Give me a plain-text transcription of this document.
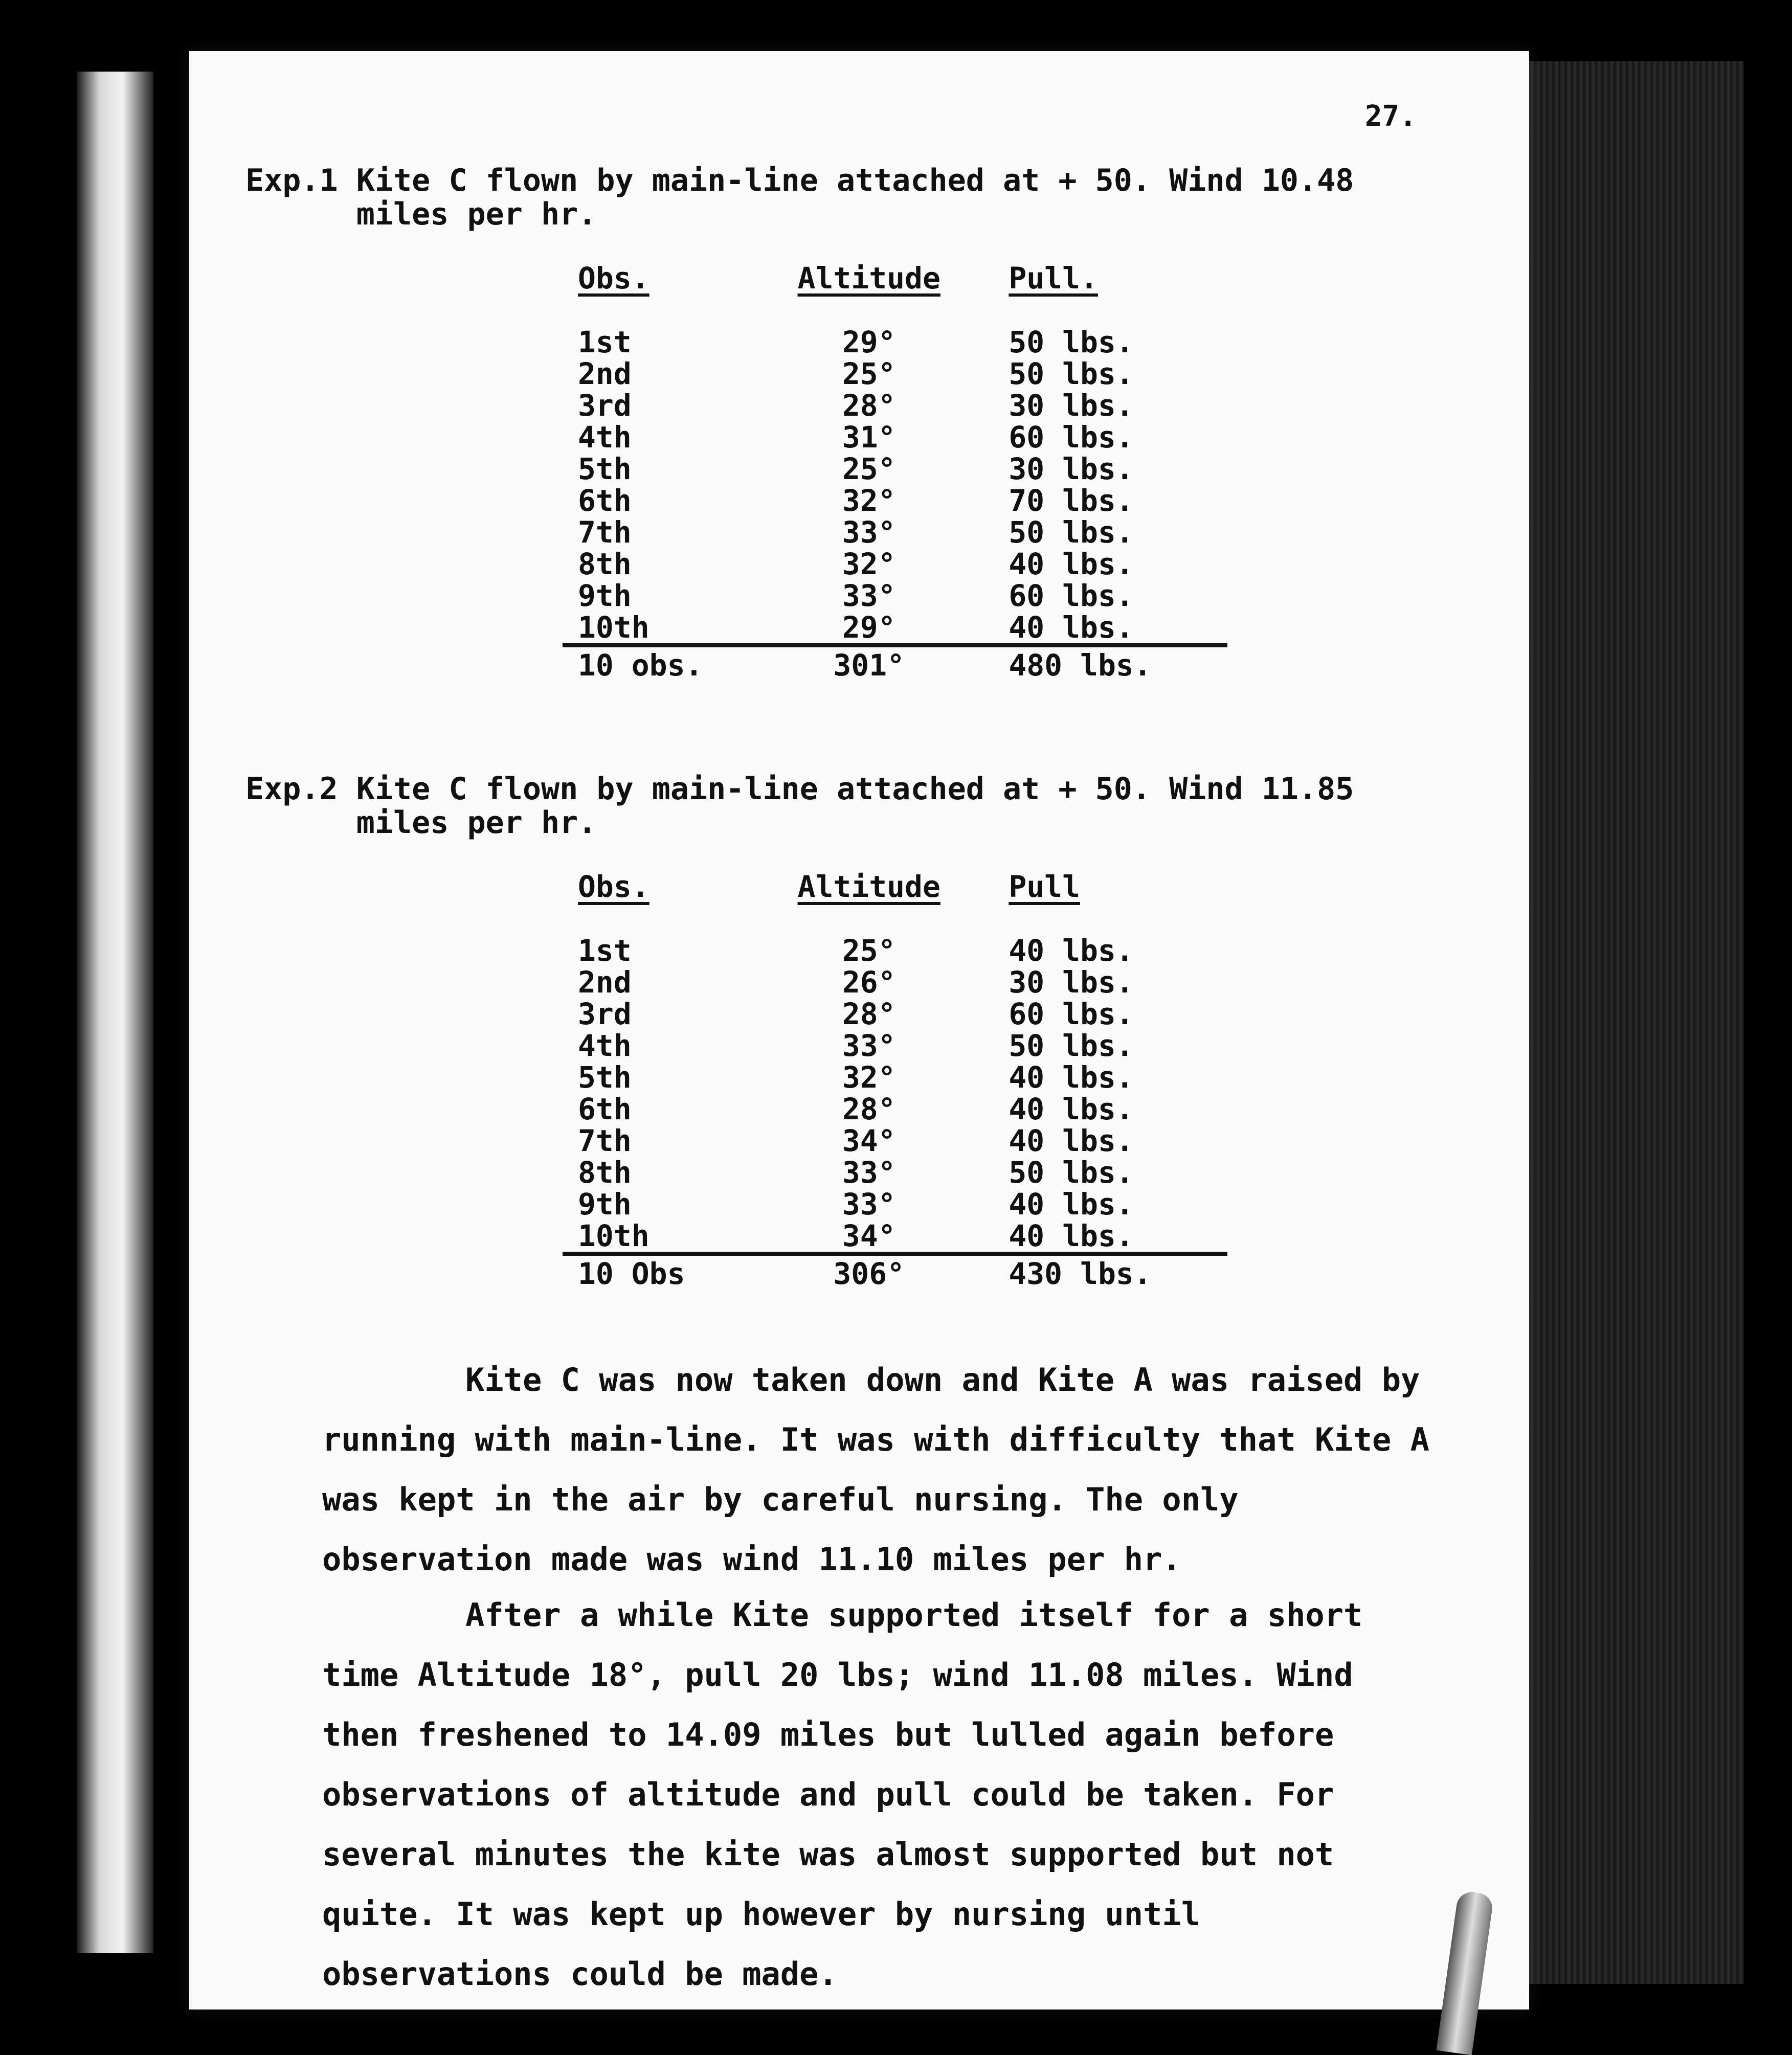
27.
Exp.1 Kite C flown by main-line attached at + 50. Wind 10.48
miles per hr.
Obs.	Altitude	Pull.
1st	29°	50 lbs.
2nd	25°	50 lbs.
3rd	28°	30 lbs.
4th	31°	60 lbs.
5th	25°	30 lbs.
6th	32°	70 lbs.
7th	33°	50 lbs.
8th	32°	40 lbs.
9th	33°	60 lbs.
10th	29°	40 lbs.
10 obs.	301°	480 lbs.
Exp.2 Kite C flown by main-line attached at + 50. Wind 11.85
miles per hr.
Obs.	Altitude	Pull
1st	25°	40 lbs.
2nd	26°	30 lbs.
3rd	28°	60 lbs.
4th	33°	50 lbs.
5th	32°	40 lbs.
6th	28°	40 lbs.
7th	34°	40 lbs.
8th	33°	50 lbs.
9th	33°	40 lbs.
10th	34°	40 lbs.
10 Obs	306°	430 lbs.

Kite C was now taken down and Kite A was raised by running with main-line. It was with difficulty that Kite A was kept in the air by careful nursing. The only observation made was wind 11.10 miles per hr.

After a while Kite supported itself for a short time Altitude 18°, pull 20 lbs; wind 11.08 miles. Wind then freshened to 14.09 miles but lulled again before observations of altitude and pull could be taken. For several minutes the kite was almost supported but not quite. It was kept up however by nursing until observations could be made.
